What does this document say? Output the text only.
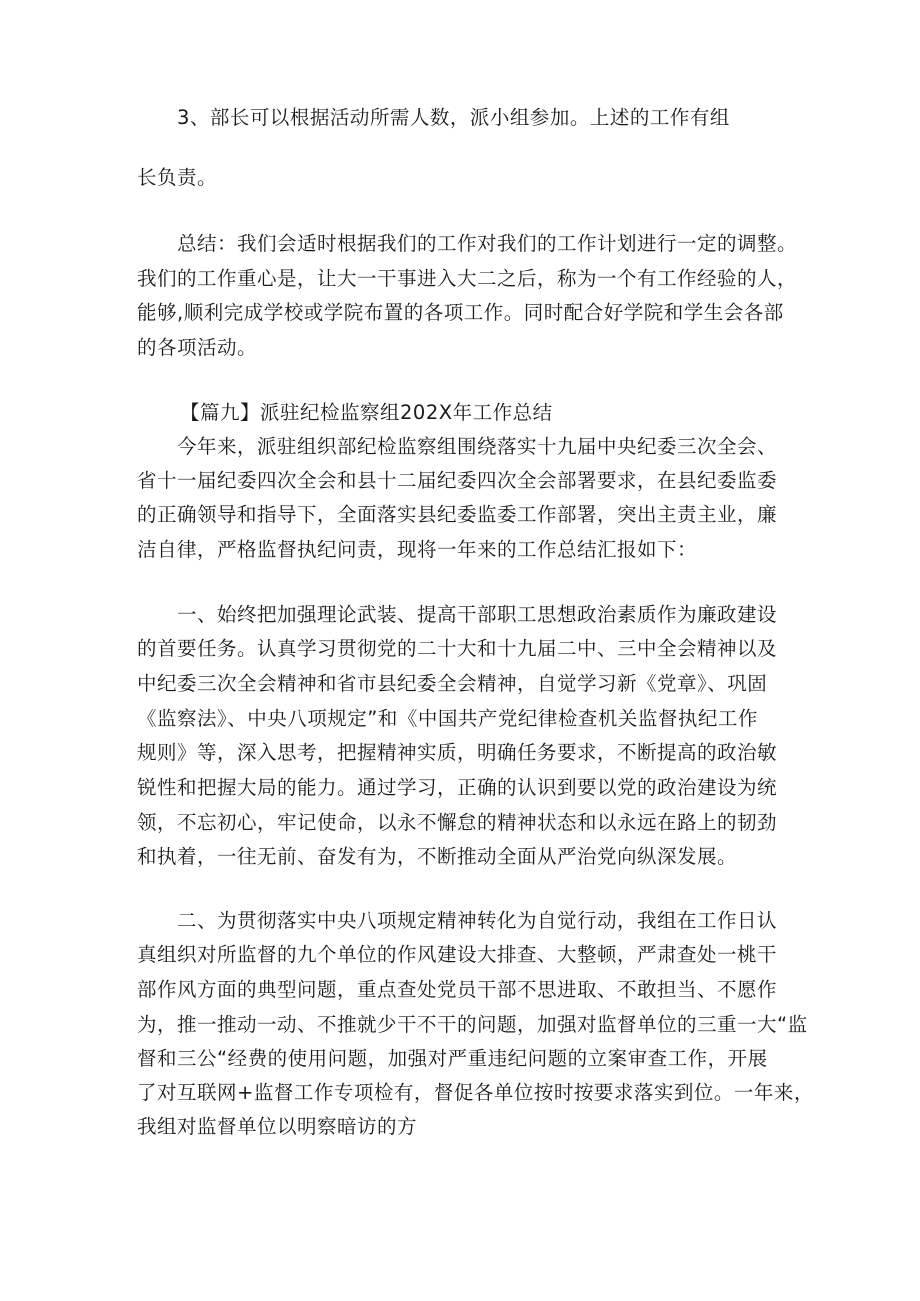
3、部长可以根据活动所需人数，派小组参加。上述的工作有组

长负责。

总结：我们会适时根据我们的工作对我们的工作计划进行一定的调整。

我们的工作重心是，让大一干事进入大二之后，称为一个有工作经验的人，

能够,顺利完成学校或学院布置的各项工作。同时配合好学院和学生会各部

的各项活动。

【篇九】派驻纪检监察组202X年工作总结

今年来，派驻组织部纪检监察组围绕落实十九届中央纪委三次全会、

省十一届纪委四次全会和县十二届纪委四次全会部署要求，在县纪委监委

的正确领导和指导下，全面落实县纪委监委工作部署，突出主责主业，廉

洁自律，严格监督执纪问责，现将一年来的工作总结汇报如下：

一、始终把加强理论武装、提高干部职工思想政治素质作为廉政建设

的首要任务。认真学习贯彻党的二十大和十九届二中、三中全会精神以及

中纪委三次全会精神和省市县纪委全会精神，自觉学习新《党章》、巩固

《监察法》、中央八项规定”和《中国共产党纪律检查机关监督执纪工作

规则》等，深入思考，把握精神实质，明确任务要求，不断提高的政治敏

锐性和把握大局的能力。通过学习，正确的认识到要以党的政治建设为统

领，不忘初心，牢记使命，以永不懈怠的精神状态和以永远在路上的韧劲

和执着，一往无前、奋发有为，不断推动全面从严治党向纵深发展。

二、为贯彻落实中央八项规定精神转化为自觉行动，我组在工作日认

真组织对所监督的九个单位的作风建设大排查、大整顿，严肃查处一桃干

部作风方面的典型问题，重点查处党员干部不思进取、不敢担当、不愿作

为，推一推动一动、不推就少干不干的问题，加强对监督单位的三重一大“监

督和三公“经费的使用问题，加强对严重违纪问题的立案审查工作，开展

了对互联网+监督工作专项检有，督促各单位按时按要求落实到位。一年来，

我组对监督单位以明察暗访的方
